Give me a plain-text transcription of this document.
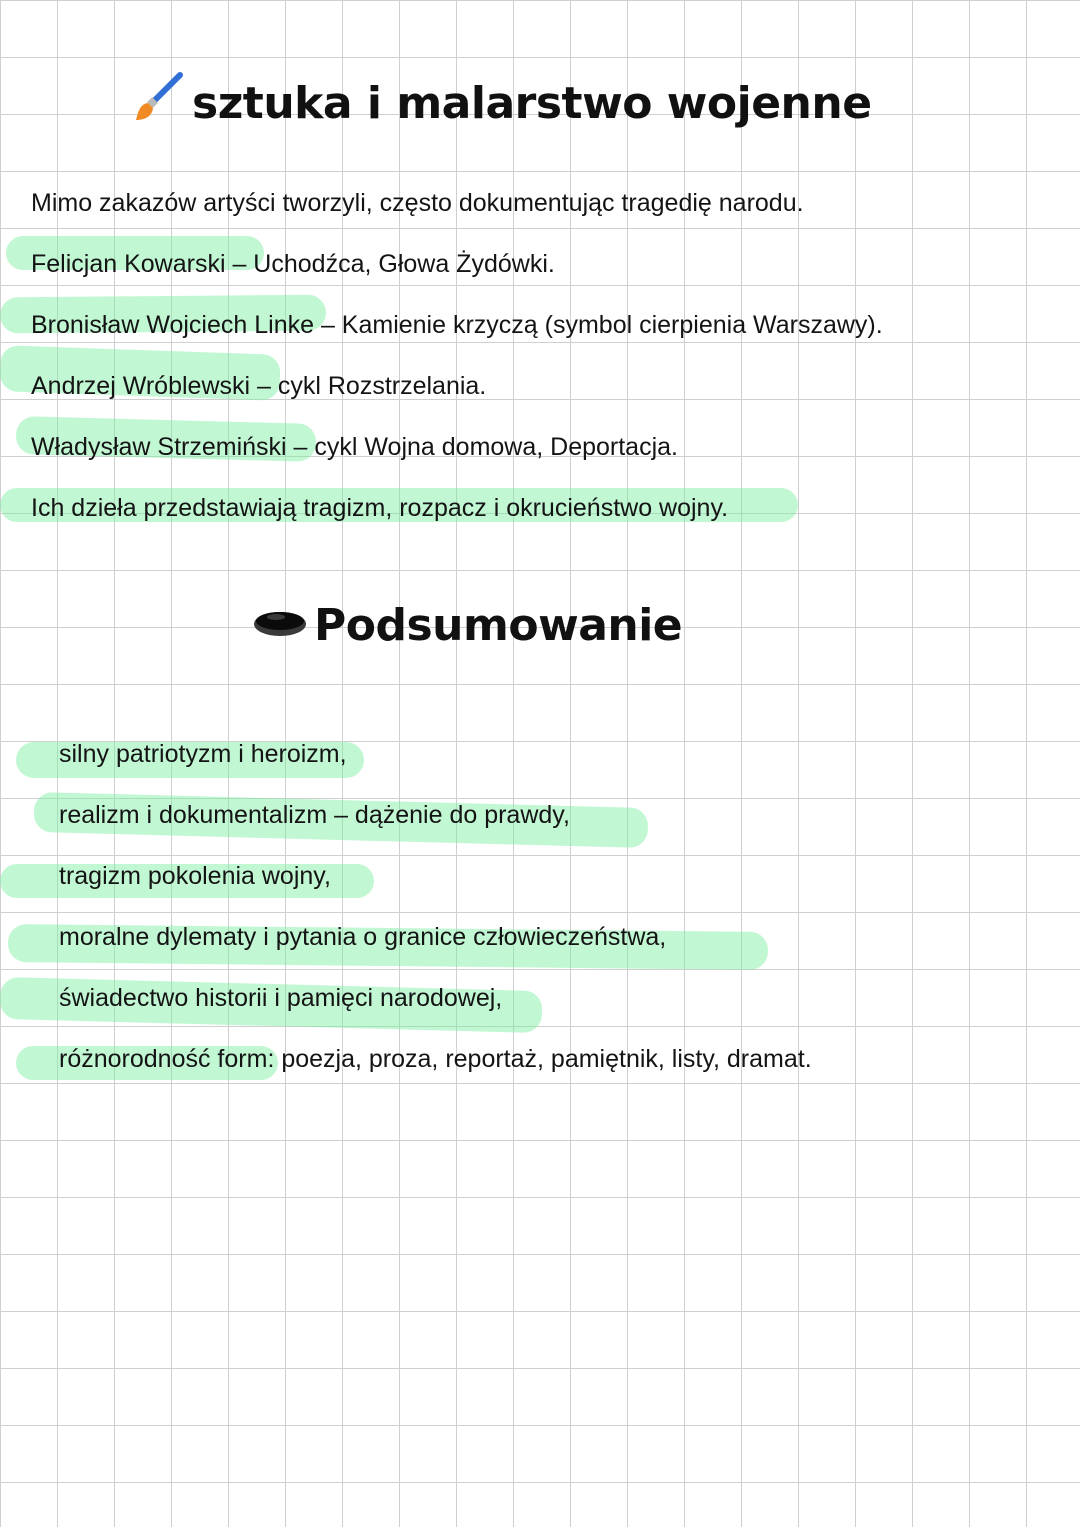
sztuka i malarstwo wojenne
Mimo zakazów artyści tworzyli, często dokumentując tragedię narodu.
Felicjan Kowarski – Uchodźca, Głowa Żydówki.
Bronisław Wojciech Linke – Kamienie krzyczą (symbol cierpienia Warszawy).
Andrzej Wróblewski – cykl Rozstrzelania.
Władysław Strzemiński – cykl Wojna domowa, Deportacja.
Ich dzieła przedstawiają tragizm, rozpacz i okrucieństwo wojny.
Podsumowanie
silny patriotyzm i heroizm,
realizm i dokumentalizm – dążenie do prawdy,
tragizm pokolenia wojny,
moralne dylematy i pytania o granice człowieczeństwa,
świadectwo historii i pamięci narodowej,
różnorodność form: poezja, proza, reportaż, pamiętnik, listy, dramat.
